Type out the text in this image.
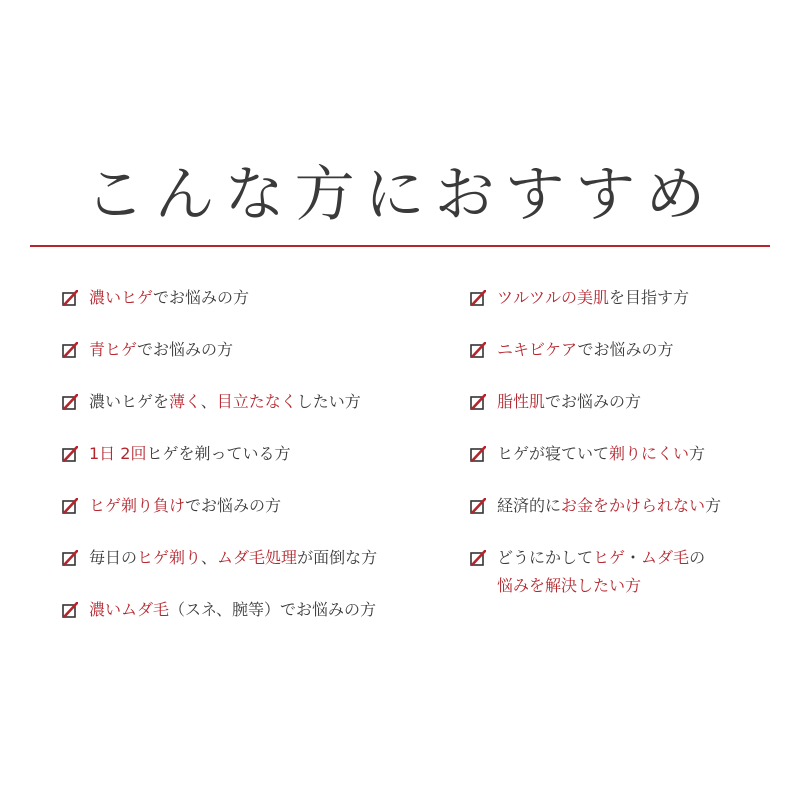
こんな方におすすめ
濃いヒゲでお悩みの方
青ヒゲでお悩みの方
濃いヒゲを薄く、目立たなくしたい方
1日 2回ヒゲを剃っている方
ヒゲ剃り負けでお悩みの方
毎日のヒゲ剃り、ムダ毛処理が面倒な方
濃いムダ毛（スネ、腕等）でお悩みの方
ツルツルの美肌を目指す方
ニキビケアでお悩みの方
脂性肌でお悩みの方
ヒゲが寝ていて剃りにくい方
経済的にお金をかけられない方
どうにかしてヒゲ・ムダ毛の
悩みを解決したい方
